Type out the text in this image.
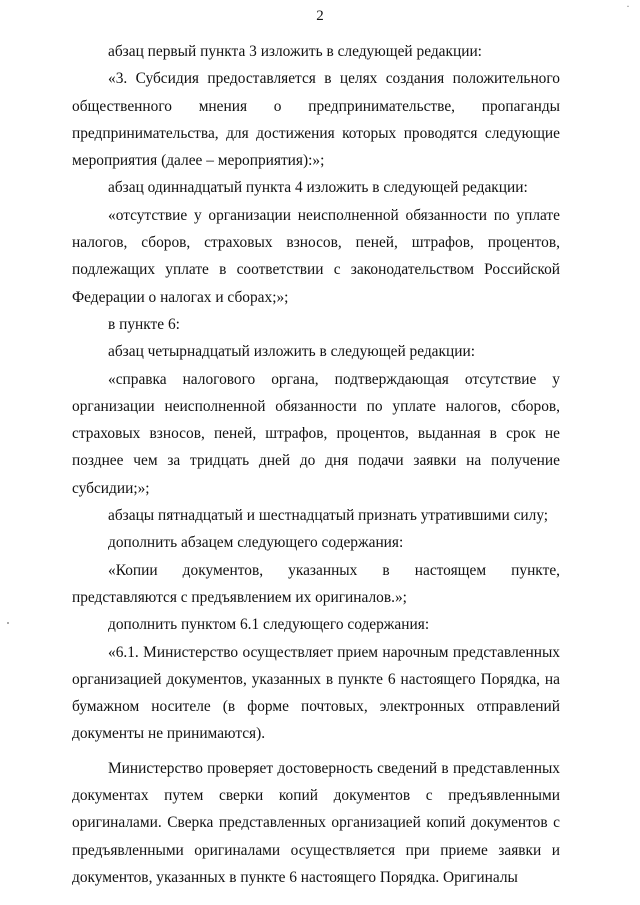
·
2

абзац первый пункта 3 изложить в следующей редакции:

«3. Субсидия предоставляется в целях создания положительного общественного мнения о предпринимательстве, пропаганды предпринимательства, для достижения которых проводятся следующие мероприятия (далее – мероприятия):»;

абзац одиннадцатый пункта 4 изложить в следующей редакции:

«отсутствие у организации неисполненной обязанности по уплате налогов, сборов, страховых взносов, пеней, штрафов, процентов, подлежащих уплате в соответствии с законодательством Российской Федерации о налогах и сборах;»;

в пункте 6:

абзац четырнадцатый изложить в следующей редакции:

«справка налогового органа, подтверждающая отсутствие у организации неисполненной обязанности по уплате налогов, сборов, страховых взносов, пеней, штрафов, процентов, выданная в срок не позднее чем за тридцать дней до дня подачи заявки на получение субсидии;»;

абзацы пятнадцатый и шестнадцатый признать утратившими силу;

дополнить абзацем следующего содержания:

«Копии документов, указанных в настоящем пункте, представляются с предъявлением их оригиналов.»;

дополнить пунктом 6.1 следующего содержания:

«6.1. Министерство осуществляет прием нарочным представленных организацией документов, указанных в пункте 6 настоящего Порядка, на бумажном носителе (в форме почтовых, электронных отправлений документы не принимаются).

Министерство проверяет достоверность сведений в представленных документах путем сверки копий документов с предъявленными оригиналами. Сверка представленных организацией копий документов с предъявленными оригиналами осуществляется при приеме заявки и документов, указанных в пункте 6 настоящего Порядка. Оригиналы
